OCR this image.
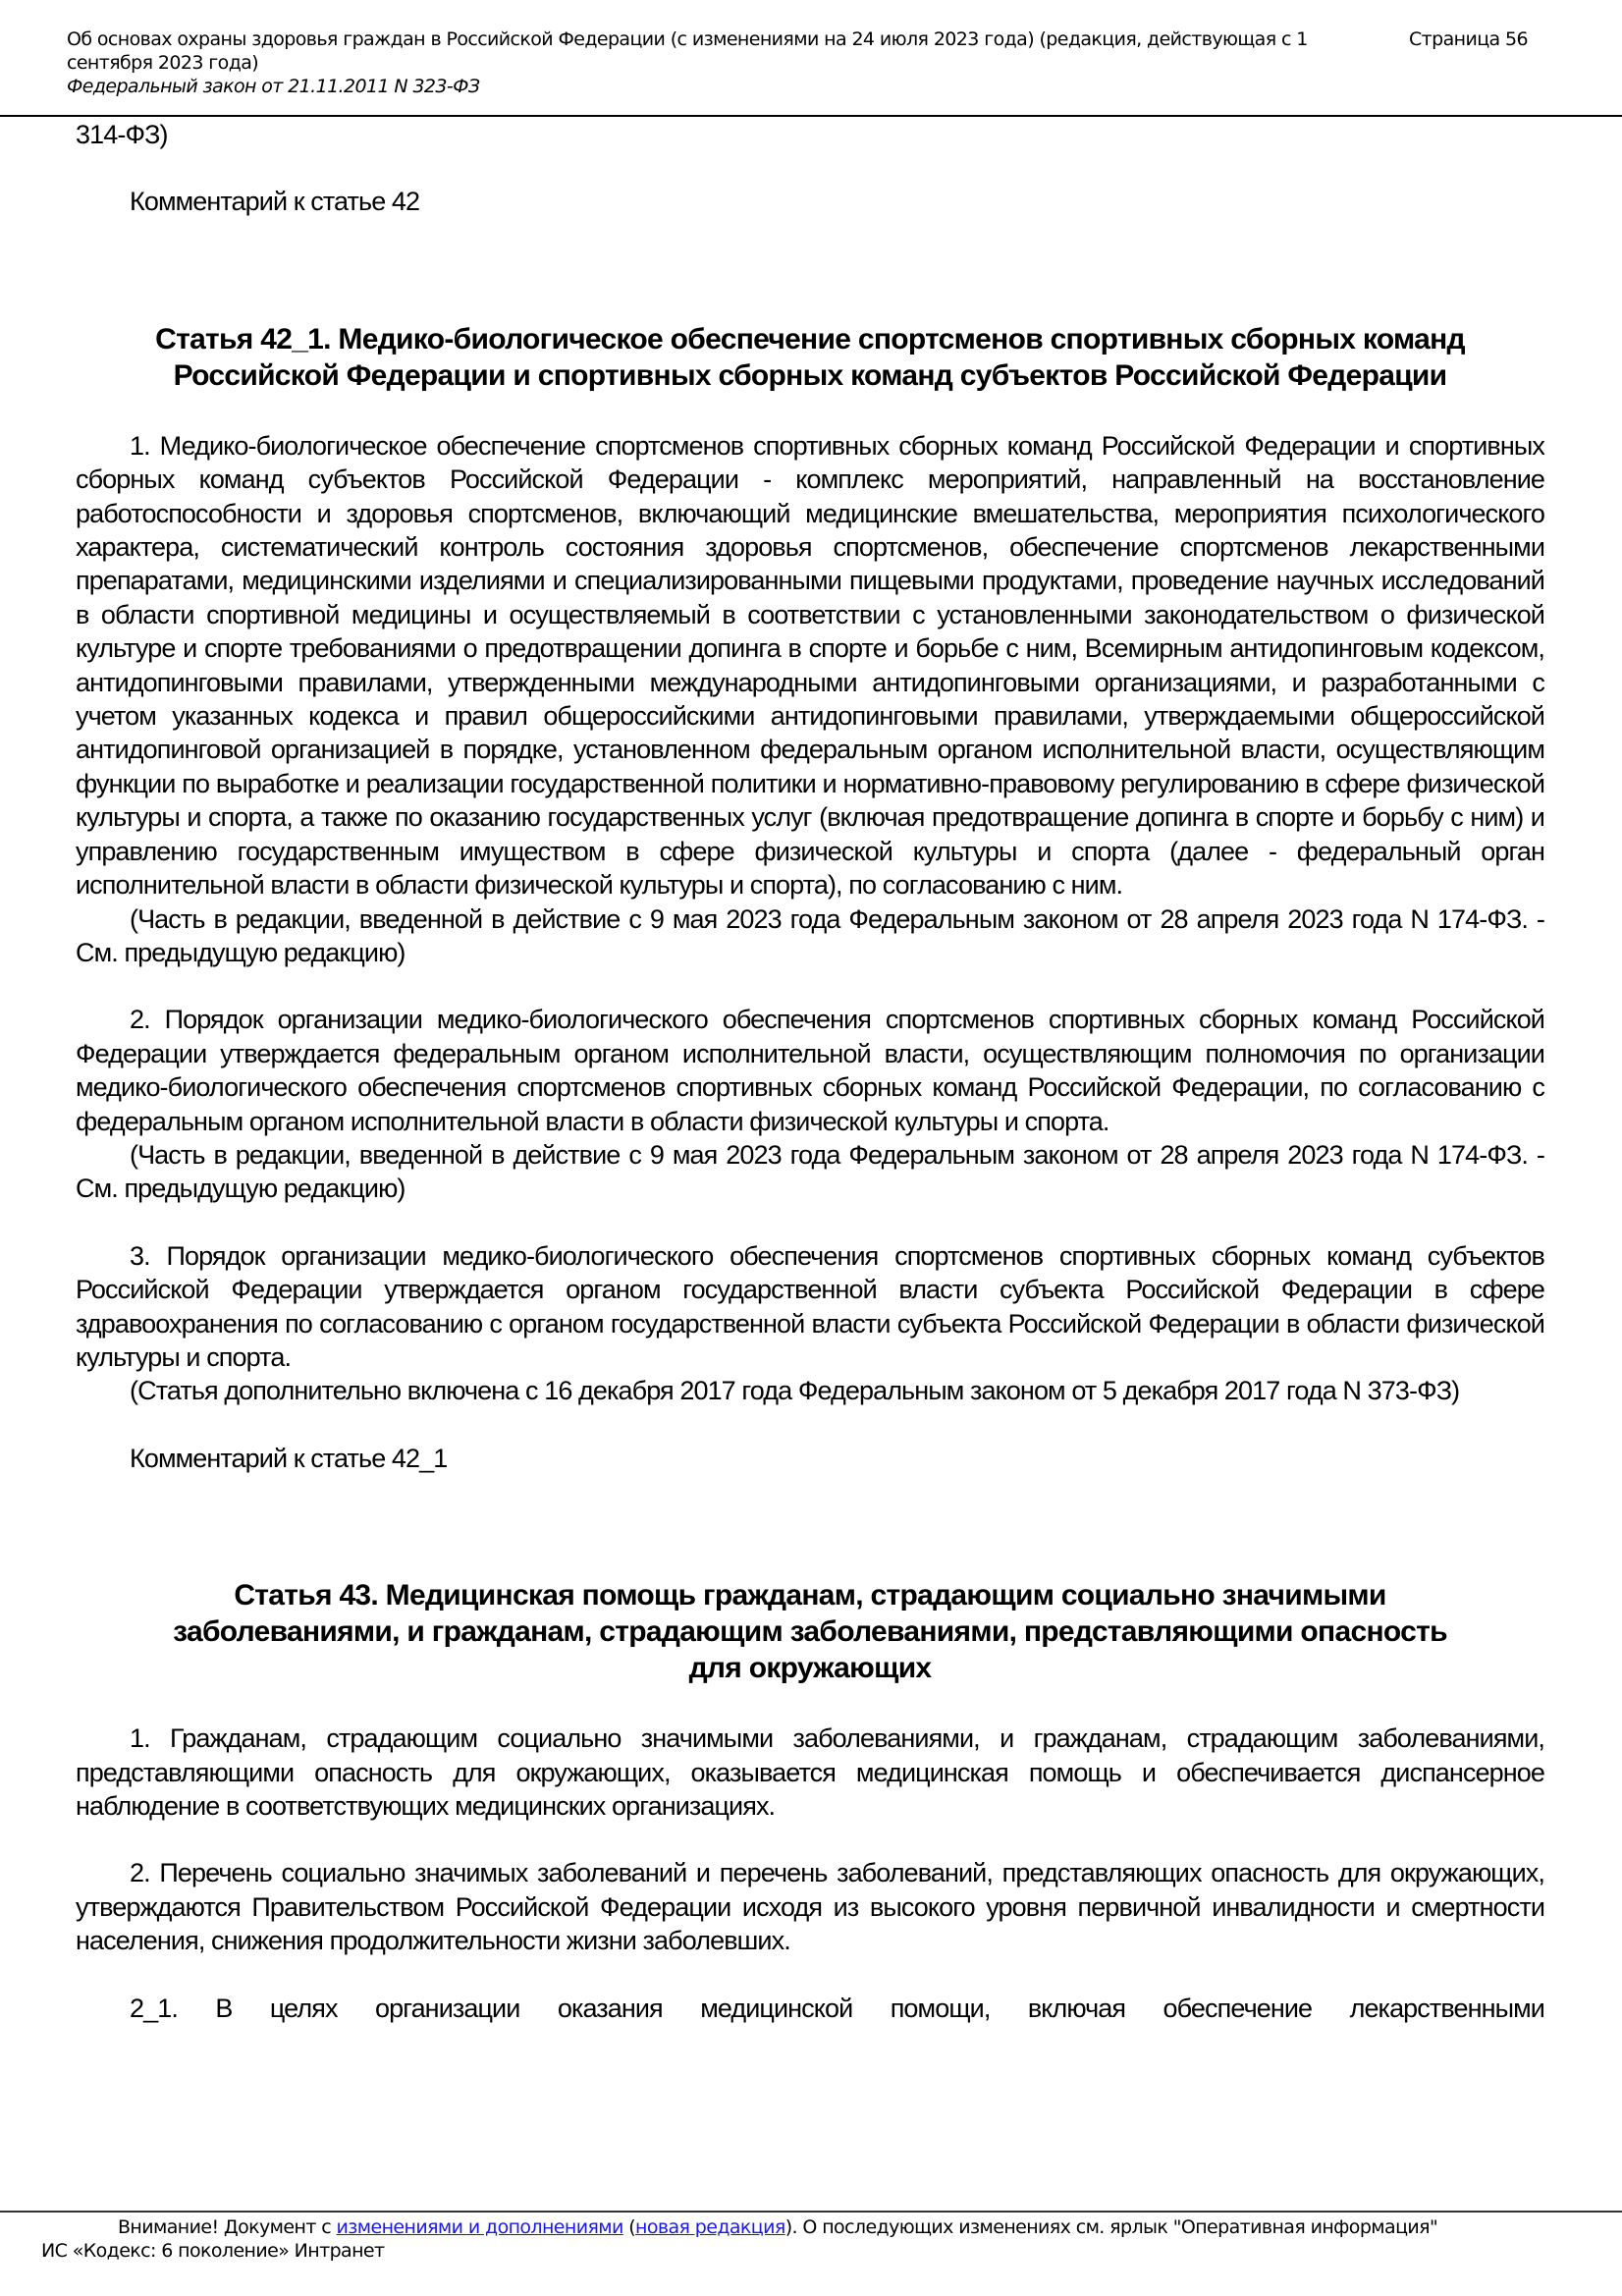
Об основах охраны здоровья граждан в Российской Федерации (с изменениями на 24 июля 2023 года) (редакция, действующая с 1 сентября 2023 года)
Федеральный закон от 21.11.2011 N 323-ФЗ
Страница 56

314-ФЗ)

Комментарий к статье 42

Статья 42_1. Медико-биологическое обеспечение спортсменов спортивных сборных команд
Российской Федерации и спортивных сборных команд субъектов Российской Федерации

1. Медико-биологическое обеспечение спортсменов спортивных сборных команд Российской Федерации и спортивных сборных команд субъектов Российской Федерации - комплекс мероприятий, направленный на восстановление работоспособности и здоровья спортсменов, включающий медицинские вмешательства, мероприятия психологического характера, систематический контроль состояния здоровья спортсменов, обеспечение спортсменов лекарственными препаратами, медицинскими изделиями и специализированными пищевыми продуктами, проведение научных исследований в области спортивной медицины и осуществляемый в соответствии с установленными законодательством о физической культуре и спорте требованиями о предотвращении допинга в спорте и борьбе с ним, Всемирным антидопинговым кодексом, антидопинговыми правилами, утвержденными международными антидопинговыми организациями, и разработанными с учетом указанных кодекса и правил общероссийскими антидопинговыми правилами, утверждаемыми общероссийской антидопинговой организацией в порядке, установленном федеральным органом исполнительной власти, осуществляющим функции по выработке и реализации государственной политики и нормативно-правовому регулированию в сфере физической культуры и спорта, а также по оказанию государственных услуг (включая предотвращение допинга в спорте и борьбу с ним) и управлению государственным имуществом в сфере физической культуры и спорта (далее - федеральный орган исполнительной власти в области физической культуры и спорта), по согласованию с ним.

(Часть в редакции, введенной в действие с 9 мая 2023 года Федеральным законом от 28 апреля 2023 года N 174-ФЗ. - См. предыдущую редакцию)

2. Порядок организации медико-биологического обеспечения спортсменов спортивных сборных команд Российской Федерации утверждается федеральным органом исполнительной власти, осуществляющим полномочия по организации медико-биологического обеспечения спортсменов спортивных сборных команд Российской Федерации, по согласованию с федеральным органом исполнительной власти в области физической культуры и спорта.

(Часть в редакции, введенной в действие с 9 мая 2023 года Федеральным законом от 28 апреля 2023 года N 174-ФЗ. - См. предыдущую редакцию)

3. Порядок организации медико-биологического обеспечения спортсменов спортивных сборных команд субъектов Российской Федерации утверждается органом государственной власти субъекта Российской Федерации в сфере здравоохранения по согласованию с органом государственной власти субъекта Российской Федерации в области физической культуры и спорта.

(Статья дополнительно включена с 16 декабря 2017 года Федеральным законом от 5 декабря 2017 года N 373-ФЗ)

Комментарий к статье 42_1

Статья 43. Медицинская помощь гражданам, страдающим социально значимыми
заболеваниями, и гражданам, страдающим заболеваниями, представляющими опасность
для окружающих

1. Гражданам, страдающим социально значимыми заболеваниями, и гражданам, страдающим заболеваниями, представляющими опасность для окружающих, оказывается медицинская помощь и обеспечивается диспансерное наблюдение в соответствующих медицинских организациях.

2. Перечень социально значимых заболеваний и перечень заболеваний, представляющих опасность для окружающих, утверждаются Правительством Российской Федерации исходя из высокого уровня первичной инвалидности и смертности населения, снижения продолжительности жизни заболевших.

2_1. В целях организации оказания медицинской помощи, включая обеспечение лекарственными

Внимание! Документ с изменениями и дополнениями (новая редакция). О последующих изменениях см. ярлык "Оперативная информация"
ИС «Кодекс: 6 поколение» Интранет
